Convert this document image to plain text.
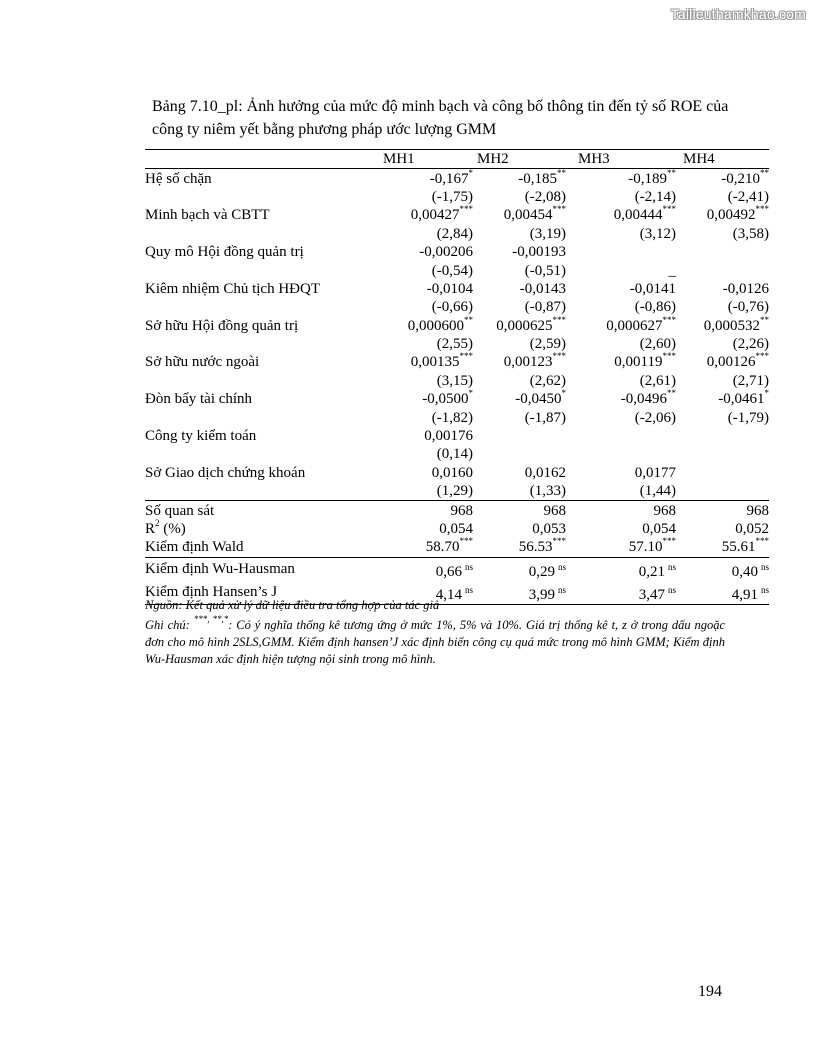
Tailieuthamkhao.com
Bảng 7.10_pl: Ảnh hưởng của mức độ minh bạch và công bố thông tin đến tỷ số ROE của công ty niêm yết bằng phương pháp ước lượng GMM
	MH1	MH2	MH3	MH4
Hệ số chặn	-0,167*	-0,185**	-0,189**	-0,210**
	(-1,75)	(-2,08)	(-2,14)	(-2,41)
Minh bạch và CBTT	0,00427***	0,00454***	0,00444***	0,00492***
	(2,84)	(3,19)	(3,12)	(3,58)
Quy mô Hội đồng quản trị	-0,00206	-0,00193		
	(-0,54)	(-0,51)	_	
Kiêm nhiệm Chủ tịch HĐQT	-0,0104	-0,0143	-0,0141	-0,0126
	(-0,66)	(-0,87)	(-0,86)	(-0,76)
Sở hữu Hội đồng quản trị	0,000600**	0,000625***	0,000627***	0,000532**
	(2,55)	(2,59)	(2,60)	(2,26)
Sở hữu nước ngoài	0,00135***	0,00123***	0,00119***	0,00126***
	(3,15)	(2,62)	(2,61)	(2,71)
Đòn bẩy tài chính	-0,0500*	-0,0450*	-0,0496**	-0,0461*
	(-1,82)	(-1,87)	(-2,06)	(-1,79)
Công ty kiểm toán	0,00176			
	(0,14)			
Sở Giao dịch chứng khoán	0,0160	0,0162	0,0177	
	(1,29)	(1,33)	(1,44)	
Số quan sát	968	968	968	968
$R^2$ (%)	0,054	0,053	0,054	0,052
Kiểm định Wald	58.70***	56.53***	57.10***	55.61***
Kiểm định Wu-Hausman	0,66 $^{ns}$	0,29 $^{ns}$	0,21 $^{ns}$	0,40 $^{ns}$
Kiểm định Hansen’s J	4,14 $^{ns}$	3,99 $^{ns}$	3,47 $^{ns}$	4,91 $^{ns}$
Nguồn: Kết quả xử lý dữ liệu điều tra tổng hợp của tác giả
Ghi chú: ***, **,*: Có ý nghĩa thống kê tương ứng ở mức 1%, 5% và 10%. Giá trị thống kê t, z ở trong dấu ngoặc đơn cho mô hình 2SLS,GMM. Kiểm định hansen’J xác định biến công cụ quá mức trong mô hình GMM; Kiểm định Wu-Hausman xác định hiện tượng nội sinh trong mô hình.
194
